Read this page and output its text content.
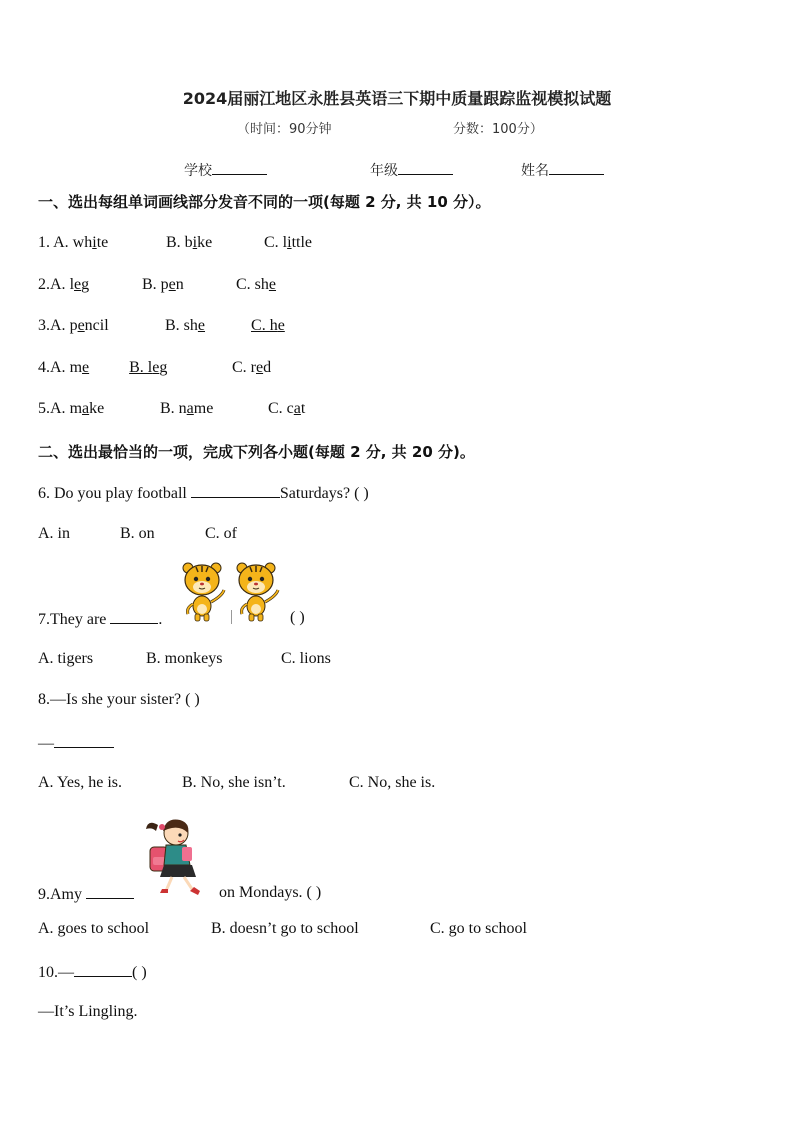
2024届丽江地区永胜县英语三下期中质量跟踪监视模拟试题
（时间：90分钟	分数：100分）
学校	年级	姓名
一、选出每组单词画线部分发音不同的一项(每题 2 分, 共 10 分）。
1. A. white	B. bike	C. little
2.A. leg	B. pen	C. she
3.A. pencil	B. she	C. he
4.A. me	B. leg	C. red
5.A. make	B. name	C. cat
二、选出最恰当的一项，完成下列各小题(每题 2 分, 共 20 分)。
6. Do you play football	Saturdays? ( )
A. in	B. on	C. of
7.They are	.	( )
A. tigers	B. monkeys	C. lions
8.—Is she your sister? ( )
—
A. Yes, he is.	B. No, she isn’t.	C. No, she is.
9.Amy	on Mondays. ( )
A. goes to school	B. doesn’t go to school	C. go to school
10.—	( )
—It’s Lingling.
